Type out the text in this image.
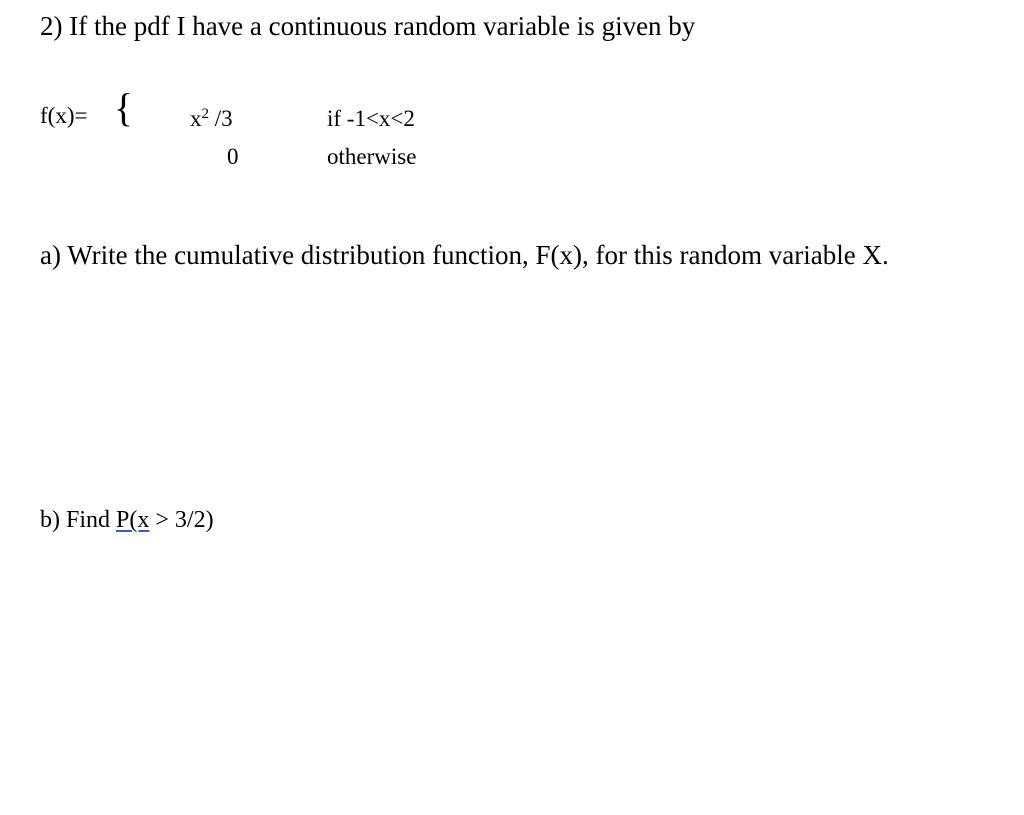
2) If the pdf I have a continuous random variable is given by
f(x)= { $x^2$ /3	if -1<x<2
0	otherwise
a) Write the cumulative distribution function, F(x), for this random variable X.
b) Find P(x > 3/2)
